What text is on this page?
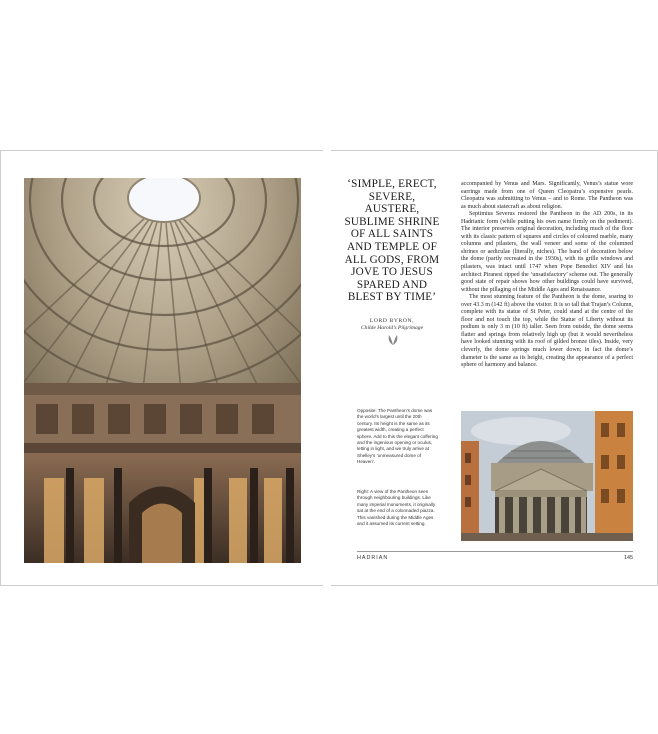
‘SIMPLE, ERECT, SEVERE, AUSTERE, SUBLIME SHRINE OF ALL SAINTS AND TEMPLE OF ALL GODS, FROM JOVE TO JESUS SPARED AND BLEST BY TIME’
LORD BYRON,
Childe Harold’s Pilgrimage
Opposite: The Pantheon’s dome was the world’s largest until the 20th century. Its height is the same as its greatest width, creating a perfect sphere. Add to this the elegant coffering and the ingenious opening or oculus, letting in light, and we truly arrive at Shelley’s ‘unmeasured dome of Heaven’.
Right: A view of the Pantheon seen through neighbouring buildings. Like many imperial monuments, it originally sat at the end of a colonnaded piazza. This vanished during the Middle Ages and it assumed its current setting.

accompanied by Venus and Mars. Significantly, Venus’s statue wore earrings made from one of Queen Cleopatra’s expensive pearls. Cleopatra was submitting to Venus – and to Rome. The Pantheon was as much about statecraft as about religion.

Septimius Severus restored the Pantheon in the AD 200s, in its Hadrianic form (while putting his own name firmly on the pediment). The interior preserves original decoration, including much of the floor with its classic pattern of squares and circles of coloured marble, many columns and pilasters, the wall veneer and some of the columned shrines or aediculae (literally, niches). The band of decoration below the dome (partly recreated in the 1930s), with its grille windows and pilasters, was intact until 1747 when Pope Benedict XIV and his architect Piranesi ripped the ‘unsatisfactory’ scheme out. The generally good state of repair shows how other buildings could have survived, without the pillaging of the Middle Ages and Renaissance.

The most stunning feature of the Pantheon is the dome, soaring to over 43.3 m (142 ft) above the visitor. It is so tall that Trajan’s Column, complete with its statue of St Peter, could stand at the centre of the floor and not touch the top, while the Statue of Liberty without its podium is only 3 m (10 ft) taller. Seen from outside, the dome seems flatter and springs from relatively high up (but it would nevertheless have looked stunning with its roof of gilded bronze tiles). Inside, very cleverly, the dome springs much lower down; in fact the dome’s diameter is the same as its height, creating the appearance of a perfect sphere of harmony and balance.

HADRIAN	145
